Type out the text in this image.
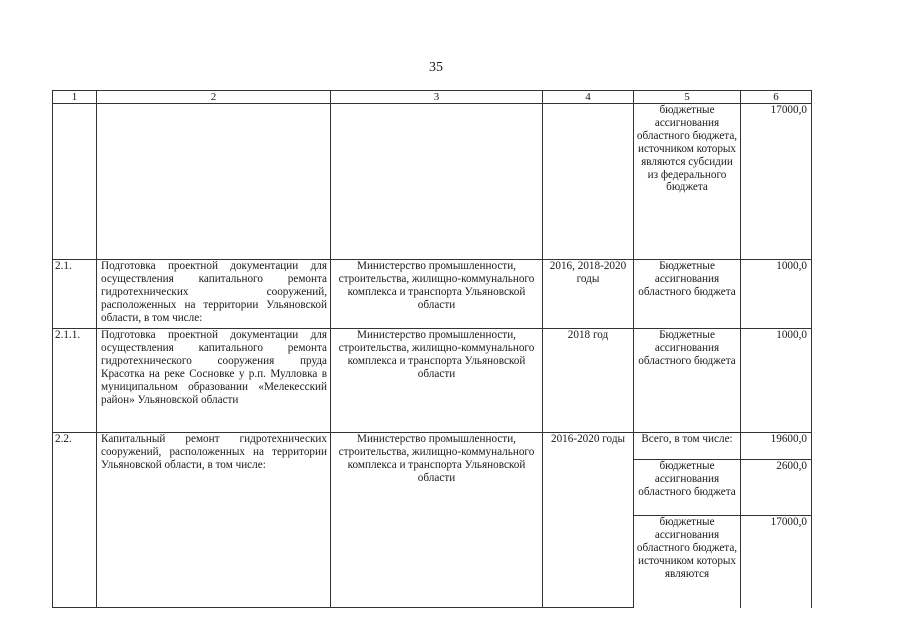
35
1	2	3	4	5	6
				бюджетные ассигнования областного бюджета, источником которых являются субсидии из федерального бюджета	17000,0
2.1.	Подготовка проектной документации для осуществления капитального ремонта гидротехнических сооружений, расположенных на территории Ульяновской области, в том числе:	Министерство промышленности, строительства, жилищно-коммунального комплекса и транспорта Ульяновской области	2016, 2018-2020 годы	Бюджетные ассигнования областного бюджета	1000,0
2.1.1.	Подготовка проектной документации для осуществления капитального ремонта гидротехнического сооружения пруда Красотка на реке Сосновке у р.п. Мулловка в муниципальном образовании «Мелекесский район» Ульяновской области	Министерство промышленности, строительства, жилищно-коммунального комплекса и транспорта Ульяновской области	2018 год	Бюджетные ассигнования областного бюджета	1000,0
2.2.	Капитальный ремонт гидротехнических сооружений, расположенных на территории Ульяновской области, в том числе:	Министерство промышленности, строительства, жилищно-коммунального комплекса и транспорта Ульяновской области	2016-2020 годы	Всего, в том числе:	19600,0
				бюджетные ассигнования областного бюджета	2600,0
				бюджетные ассигнования областного бюджета, источником которых являются	17000,0
